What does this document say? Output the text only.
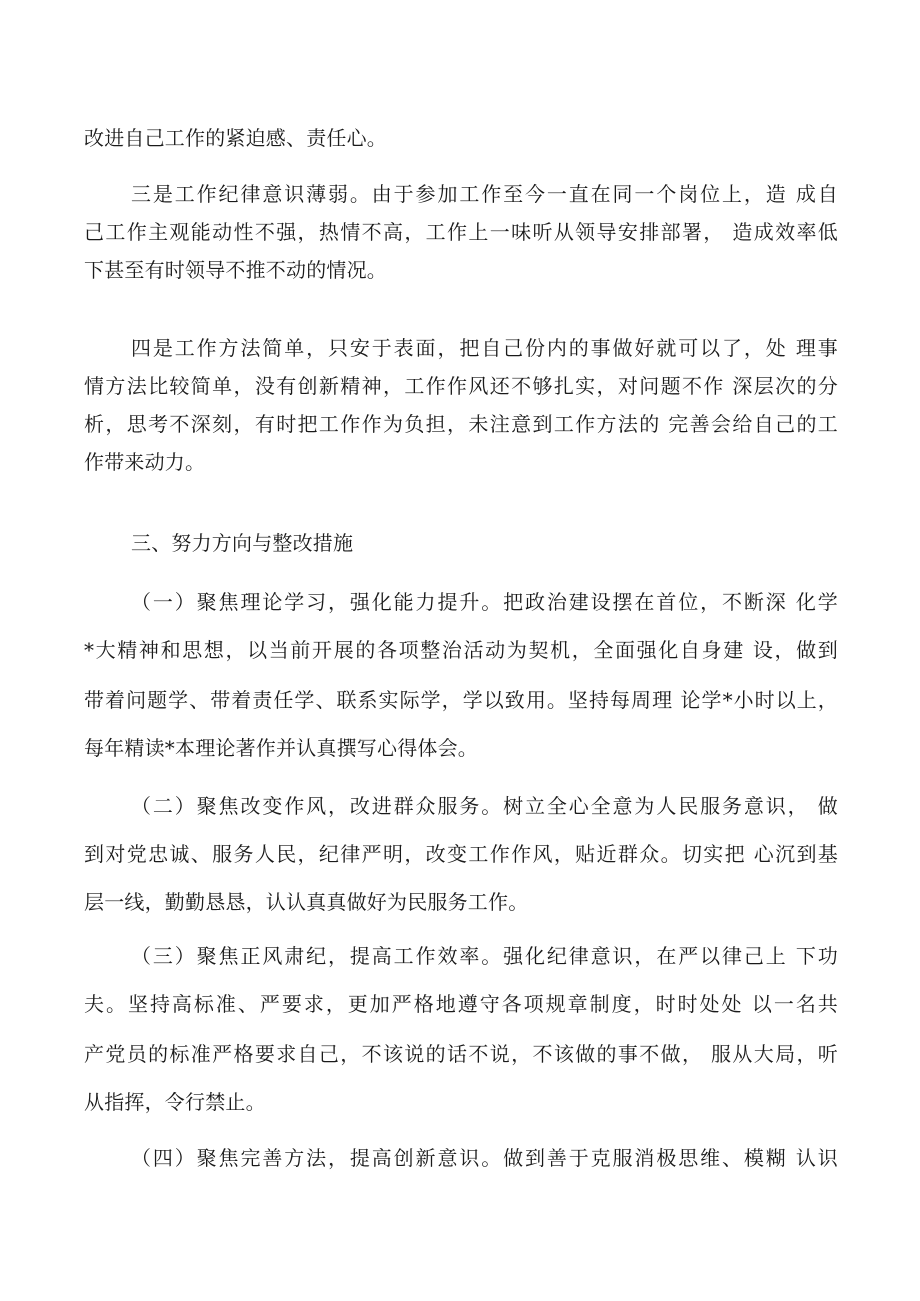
改进自己工作的紧迫感、责任心。
三是工作纪律意识薄弱。由于参加工作至今一直在同一个岗位上，造 成自
己工作主观能动性不强，热情不高，工作上一味听从领导安排部署， 造成效率低
下甚至有时领导不推不动的情况。
四是工作方法简单，只安于表面，把自己份内的事做好就可以了，处 理事
情方法比较简单，没有创新精神，工作作风还不够扎实，对问题不作 深层次的分
析，思考不深刻，有时把工作作为负担，未注意到工作方法的 完善会给自己的工
作带来动力。
三、努力方向与整改措施
（一）聚焦理论学习，强化能力提升。把政治建设摆在首位，不断深 化学
*大精神和思想，以当前开展的各项整治活动为契机，全面强化自身建 设，做到
带着问题学、带着责任学、联系实际学，学以致用。坚持每周理 论学*小时以上，
每年精读*本理论著作并认真撰写心得体会。
（二）聚焦改变作风，改进群众服务。树立全心全意为人民服务意识， 做
到对党忠诚、服务人民，纪律严明，改变工作作风，贴近群众。切实把 心沉到基
层一线，勤勤恳恳，认认真真做好为民服务工作。
（三）聚焦正风肃纪，提高工作效率。强化纪律意识，在严以律己上 下功
夫。坚持高标准、严要求，更加严格地遵守各项规章制度，时时处处 以一名共
产党员的标准严格要求自己，不该说的话不说，不该做的事不做， 服从大局，听
从指挥，令行禁止。
（四）聚焦完善方法，提高创新意识。做到善于克服消极思维、模糊 认识
